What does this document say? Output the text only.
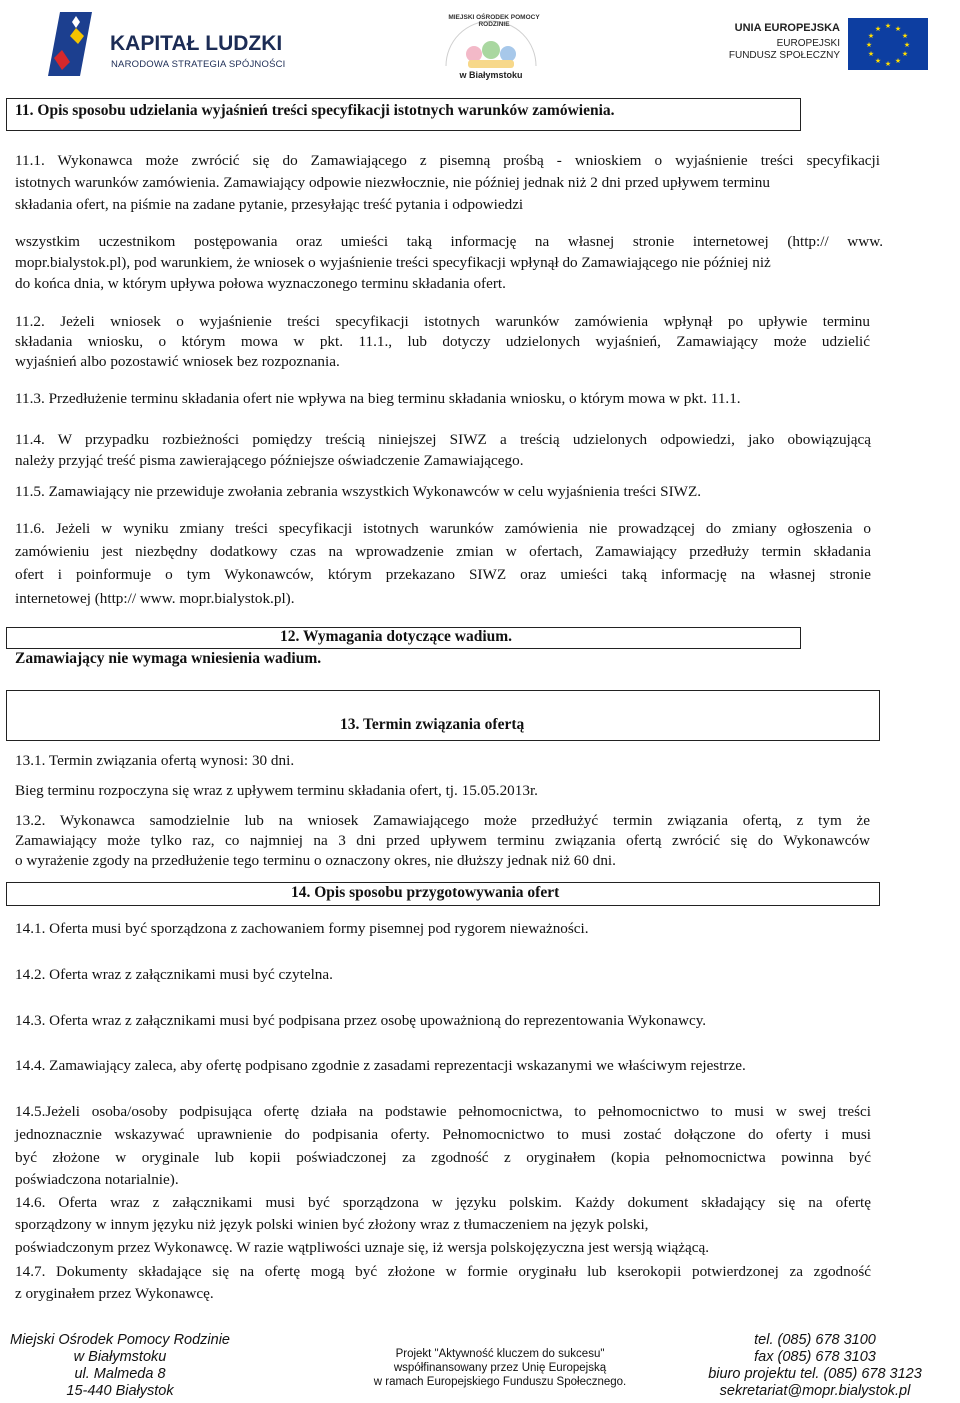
KAPITAŁ LUDZKI
NARODOWA STRATEGIA SPÓJNOŚCI
MIEJSKI OŚRODEK POMOCY RODZINIE
w Białymstoku
UNIA EUROPEJSKA
EUROPEJSKI
FUNDUSZ SPOŁECZNY
★ ★
★
★
★
★
★
★
★
★
★
★
11. Opis sposobu udzielania wyjaśnień treści specyfikacji istotnych warunków zamówienia.
11.1. Wykonawca może zwrócić się do Zamawiającego z pisemną prośbą - wnioskiem o wyjaśnienie treści specyfikacji
istotnych warunków zamówienia. Zamawiający odpowie niezwłocznie, nie później jednak niż 2 dni przed upływem terminu
składania ofert, na piśmie na zadane pytanie, przesyłając treść pytania i odpowiedzi
wszystkim uczestnikom postępowania oraz umieści taką informację na własnej stronie internetowej (http:// www.
mopr.bialystok.pl), pod warunkiem, że wniosek o wyjaśnienie treści specyfikacji wpłynął do Zamawiającego nie później niż
do końca dnia, w którym upływa połowa wyznaczonego terminu składania ofert.
11.2. Jeżeli wniosek o wyjaśnienie treści specyfikacji istotnych warunków zamówienia wpłynął po upływie terminu
składania wniosku, o którym mowa w pkt. 11.1., lub dotyczy udzielonych wyjaśnień, Zamawiający może udzielić
wyjaśnień albo pozostawić wniosek bez rozpoznania.
11.3. Przedłużenie terminu składania ofert nie wpływa na bieg terminu składania wniosku, o którym mowa w pkt. 11.1.
11.4. W przypadku rozbieżności pomiędzy treścią niniejszej SIWZ a treścią udzielonych odpowiedzi, jako obowiązującą
należy przyjąć treść pisma zawierającego późniejsze oświadczenie Zamawiającego.
11.5. Zamawiający nie przewiduje zwołania zebrania wszystkich Wykonawców w celu wyjaśnienia treści SIWZ.
11.6. Jeżeli w wyniku zmiany treści specyfikacji istotnych warunków zamówienia nie prowadzącej do zmiany ogłoszenia o
zamówieniu jest niezbędny dodatkowy czas na wprowadzenie zmian w ofertach, Zamawiający przedłuży termin składania
ofert i poinformuje o tym Wykonawców, którym przekazano SIWZ oraz umieści taką informację na własnej stronie
internetowej (http:// www. mopr.bialystok.pl).
12. Wymagania dotyczące wadium.
Zamawiający nie wymaga wniesienia wadium.
13. Termin związania ofertą
13.1. Termin związania ofertą wynosi: 30 dni.
Bieg terminu rozpoczyna się wraz z upływem terminu składania ofert, tj. 15.05.2013r.
13.2. Wykonawca samodzielnie lub na wniosek Zamawiającego może przedłużyć termin związania ofertą, z tym że
Zamawiający może tylko raz, co najmniej na 3 dni przed upływem terminu związania ofertą zwrócić się do Wykonawców
o wyrażenie zgody na przedłużenie tego terminu o oznaczony okres, nie dłuższy jednak niż 60 dni.
14. Opis sposobu przygotowywania ofert
14.1. Oferta musi być sporządzona z zachowaniem formy pisemnej pod rygorem nieważności.
14.2. Oferta wraz z załącznikami musi być czytelna.
14.3. Oferta wraz z załącznikami musi być podpisana przez osobę upoważnioną do reprezentowania Wykonawcy.
14.4. Zamawiający zaleca, aby ofertę podpisano zgodnie z zasadami reprezentacji wskazanymi we właściwym rejestrze.
14.5.Jeżeli osoba/osoby podpisująca ofertę działa na podstawie pełnomocnictwa, to pełnomocnictwo to musi w swej treści
jednoznacznie wskazywać uprawnienie do podpisania oferty. Pełnomocnictwo to musi zostać dołączone do oferty i musi
być złożone w oryginale lub kopii poświadczonej za zgodność z oryginałem (kopia pełnomocnictwa powinna być
poświadczona notarialnie).
14.6. Oferta wraz z załącznikami musi być sporządzona w języku polskim. Każdy dokument składający się na ofertę
sporządzony w innym języku niż język polski winien być złożony wraz z tłumaczeniem na język polski,
poświadczonym przez Wykonawcę. W razie wątpliwości uznaje się, iż wersja polskojęzyczna jest wersją wiążącą.
14.7. Dokumenty składające się na ofertę mogą być złożone w formie oryginału lub kserokopii potwierdzonej za zgodność
z oryginałem przez Wykonawcę.
Miejski Ośrodek Pomocy Rodzinie
w Białymstoku
ul. Malmeda 8
15-440 Białystok
Projekt "Aktywność kluczem do sukcesu"
współfinansowany przez Unię Europejską
w ramach Europejskiego Funduszu Społecznego.
tel. (085) 678 3100
fax (085) 678 3103
biuro projektu tel. (085) 678 3123
sekretariat@mopr.bialystok.pl
